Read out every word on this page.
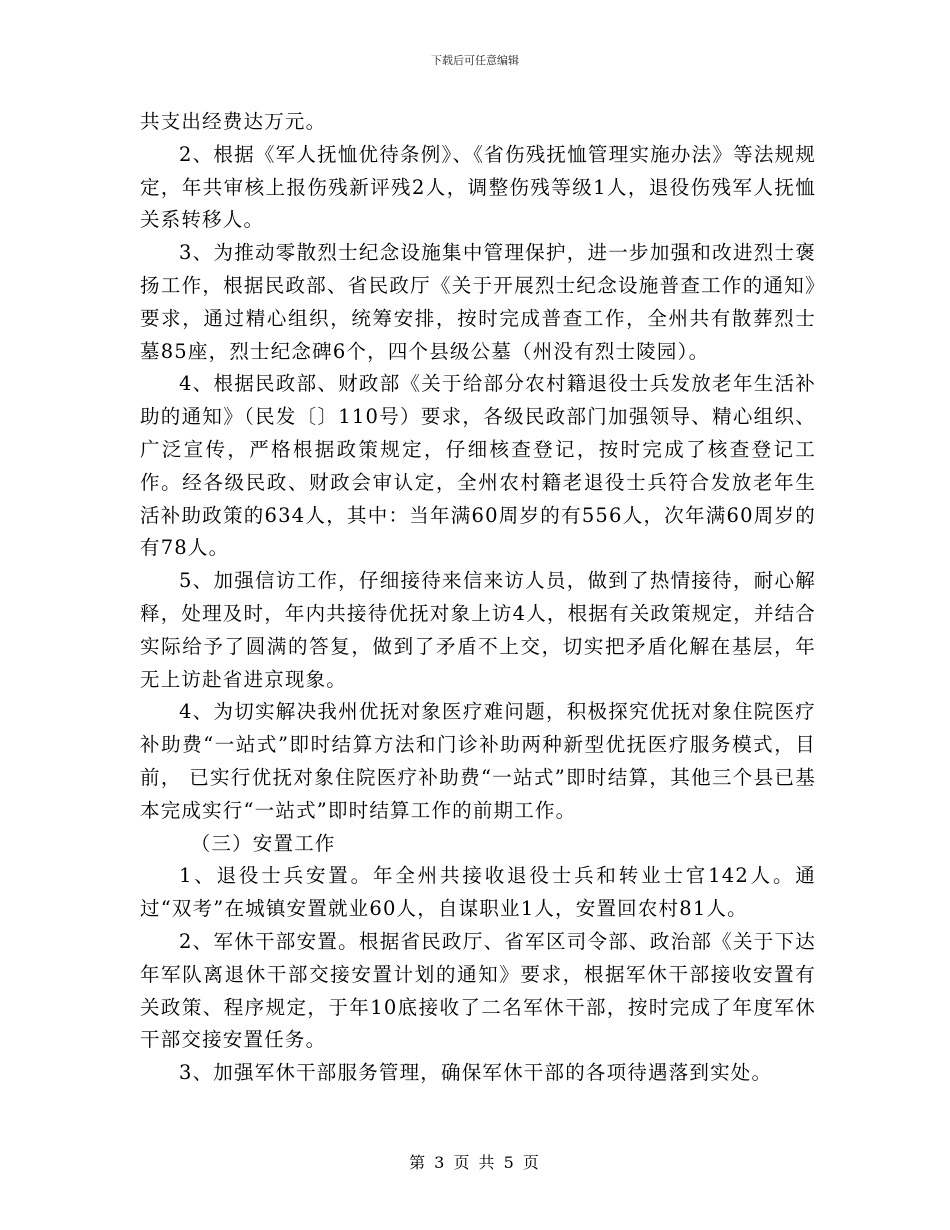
下载后可任意编辑

共支出经费达万元。

2、根据《军人抚恤优待条例》、《省伤残抚恤管理实施办法》等法规规定，年共审核上报伤残新评残2人，调整伤残等级1人，退役伤残军人抚恤关系转移人。

3、为推动零散烈士纪念设施集中管理保护，进一步加强和改进烈士褒扬工作，根据民政部、省民政厅《关于开展烈士纪念设施普查工作的通知》要求，通过精心组织，统筹安排，按时完成普查工作，全州共有散葬烈士墓85座，烈士纪念碑6个，四个县级公墓（州没有烈士陵园）。

4、根据民政部、财政部《关于给部分农村籍退役士兵发放老年生活补助的通知》（民发〔〕110号）要求，各级民政部门加强领导、精心组织、广泛宣传，严格根据政策规定，仔细核查登记，按时完成了核查登记工作。经各级民政、财政会审认定，全州农村籍老退役士兵符合发放老年生活补助政策的634人，其中：当年满60周岁的有556人，次年满60周岁的有78人。

5、加强信访工作，仔细接待来信来访人员，做到了热情接待，耐心解释，处理及时，年内共接待优抚对象上访4人，根据有关政策规定，并结合实际给予了圆满的答复，做到了矛盾不上交，切实把矛盾化解在基层，年无上访赴省进京现象。

4、为切实解决我州优抚对象医疗难问题，积极探究优抚对象住院医疗补助费“一站式”即时结算方法和门诊补助两种新型优抚医疗服务模式，目前， 已实行优抚对象住院医疗补助费“一站式”即时结算，其他三个县已基本完成实行“一站式”即时结算工作的前期工作。

（三）安置工作

1、退役士兵安置。年全州共接收退役士兵和转业士官142人。通过“双考”在城镇安置就业60人，自谋职业1人，安置回农村81人。

2、军休干部安置。根据省民政厅、省军区司令部、政治部《关于下达年军队离退休干部交接安置计划的通知》要求，根据军休干部接收安置有关政策、程序规定，于年10底接收了二名军休干部，按时完成了年度军休干部交接安置任务。

3、加强军休干部服务管理，确保军休干部的各项待遇落到实处。

第 3 页 共 5 页
